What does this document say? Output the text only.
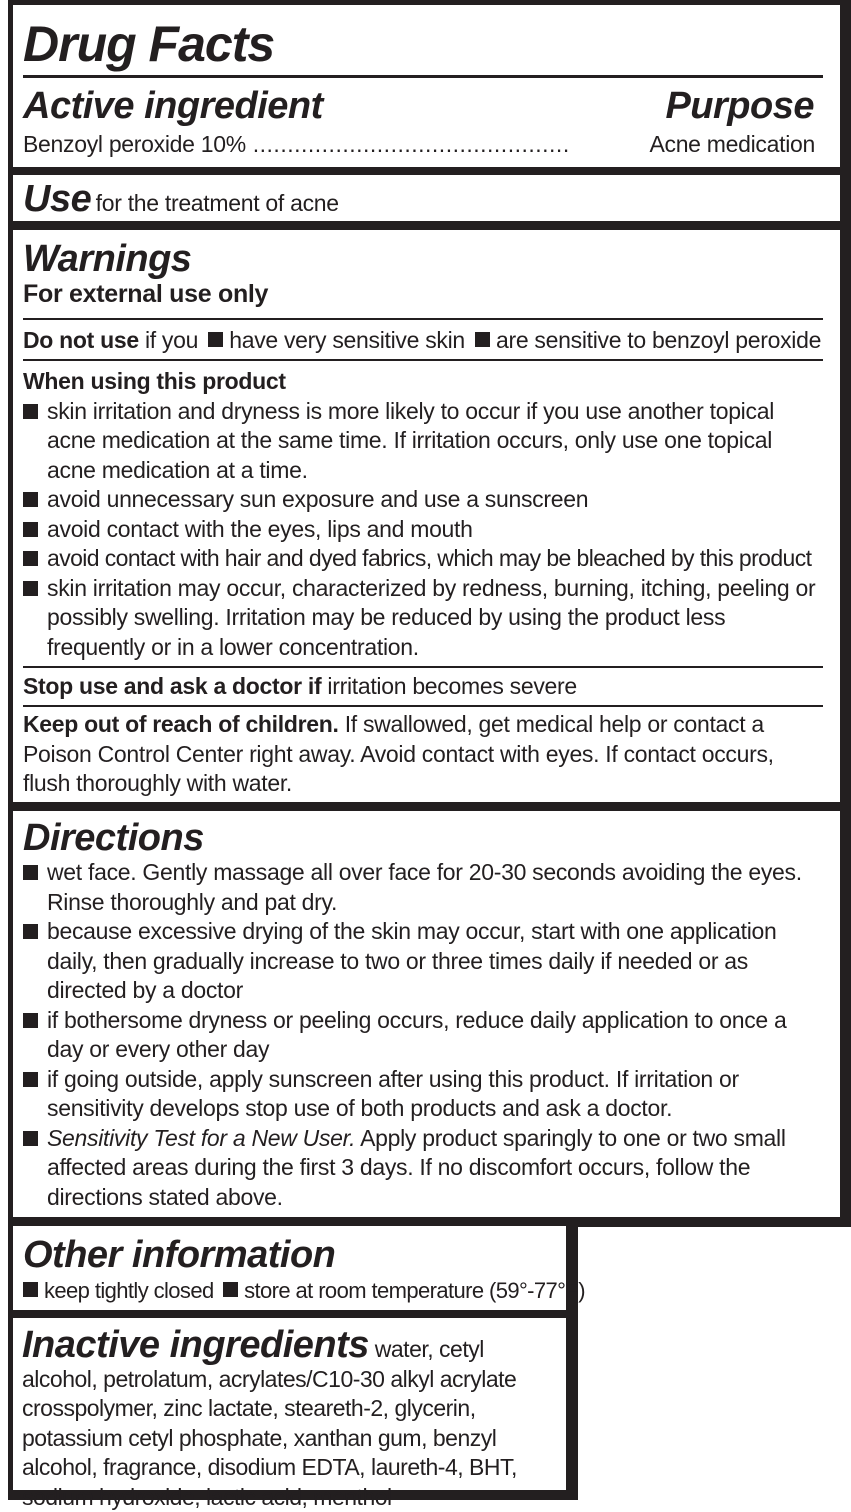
Drug Facts
Active ingredient	Purpose
Benzoyl peroxide 10% ..............................................	Acne medication
Use for the treatment of acne
Warnings
For external use only
Do not use if you have very sensitive skin are sensitive to benzoyl peroxide
When using this product
skin irritation and dryness is more likely to occur if you use another topical acne medication at the same time. If irritation occurs, only use one topical acne medication at a time.
avoid unnecessary sun exposure and use a sunscreen
avoid contact with the eyes, lips and mouth
avoid contact with hair and dyed fabrics, which may be bleached by this product
skin irritation may occur, characterized by redness, burning, itching, peeling or possibly swelling. Irritation may be reduced by using the product less frequently or in a lower concentration.
Stop use and ask a doctor if irritation becomes severe
Keep out of reach of children. If swallowed, get medical help or contact a Poison Control Center right away. Avoid contact with eyes. If contact occurs, flush thoroughly with water.
Directions
wet face. Gently massage all over face for 20-30 seconds avoiding the eyes. Rinse thoroughly and pat dry.
because excessive drying of the skin may occur, start with one application daily, then gradually increase to two or three times daily if needed or as directed by a doctor
if bothersome dryness or peeling occurs, reduce daily application to once a day or every other day
if going outside, apply sunscreen after using this product. If irritation or sensitivity develops stop use of both products and ask a doctor.
Sensitivity Test for a New User. Apply product sparingly to one or two small affected areas during the first 3 days. If no discomfort occurs, follow the directions stated above.
Other information
keep tightly closed store at room temperature (59°-77°F)
Inactive ingredients water, cetyl alcohol, petrolatum, acrylates/C10-30 alkyl acrylate crosspolymer, zinc lactate, steareth-2, glycerin, potassium cetyl phosphate, xanthan gum, benzyl alcohol, fragrance, disodium EDTA, laureth-4, BHT, sodium hydroxide, lactic acid, menthol
